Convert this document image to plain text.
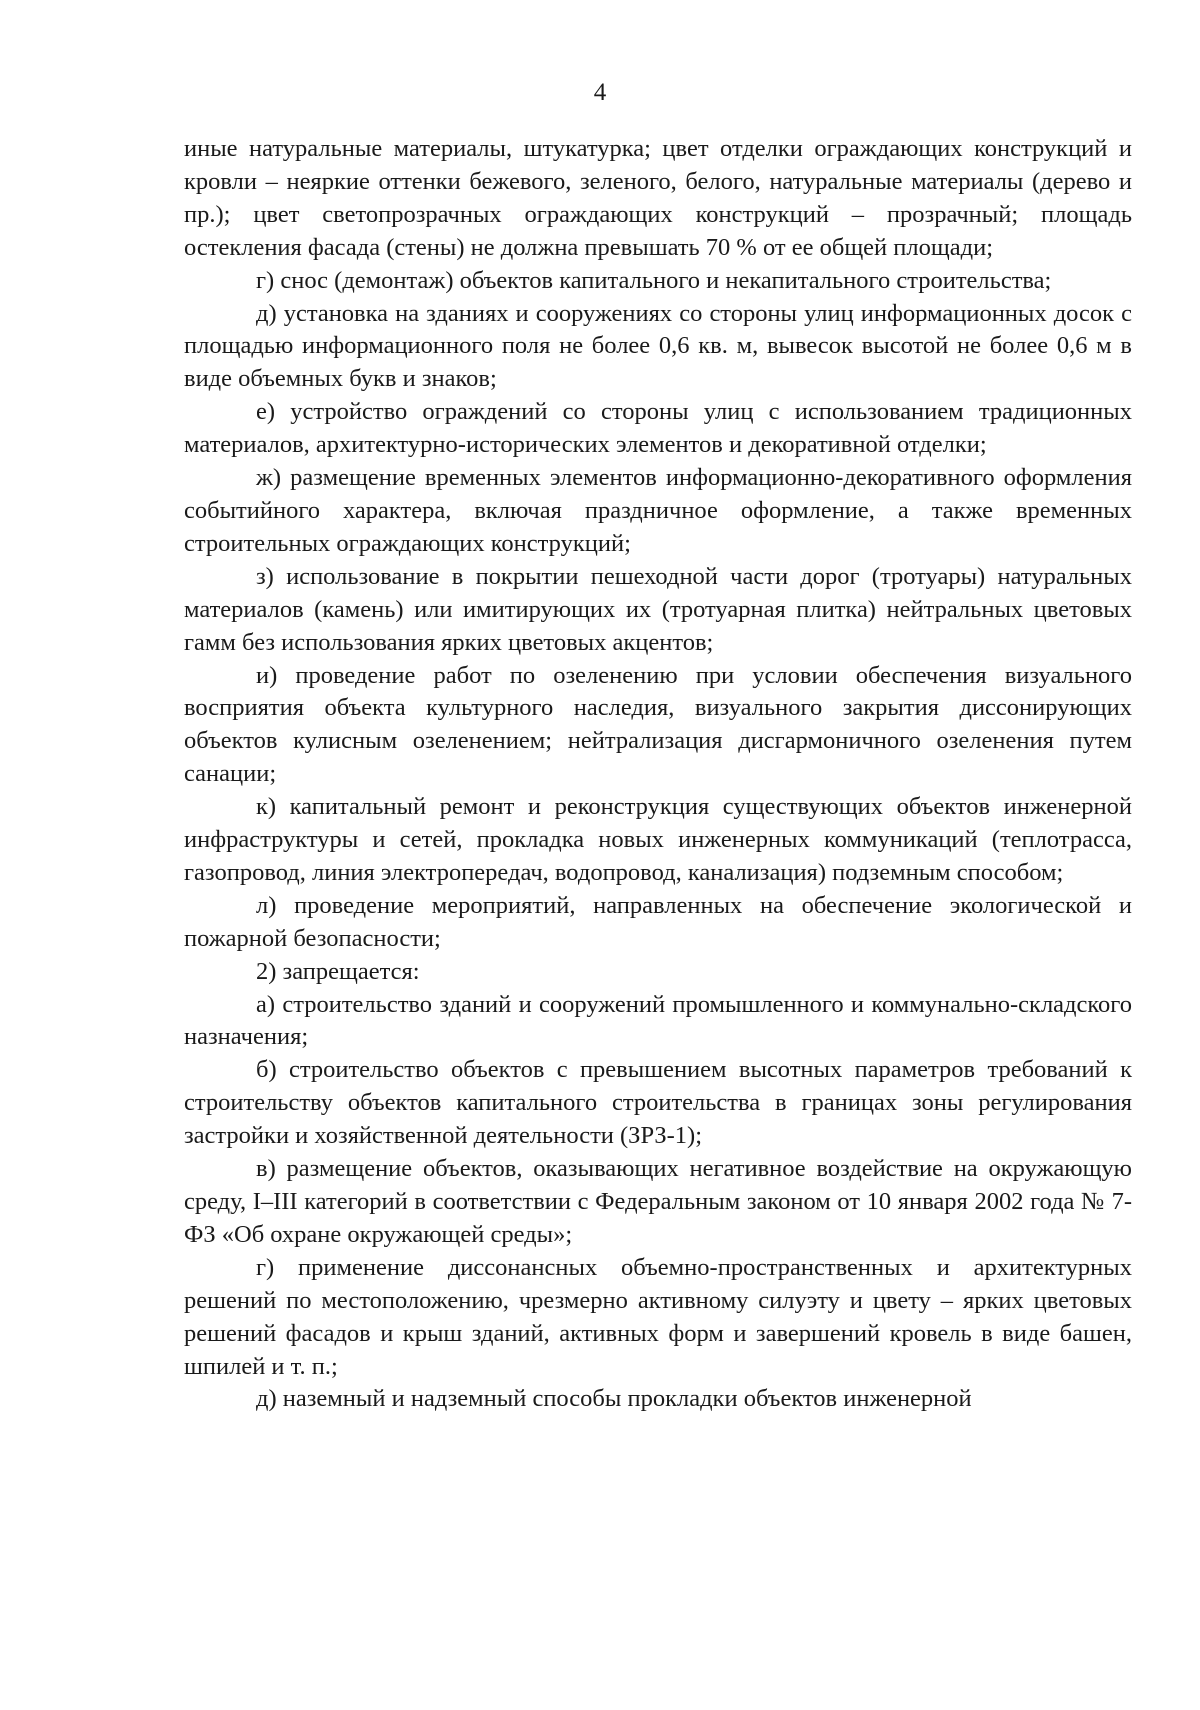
4

иные натуральные материалы, штукатурка; цвет отделки ограждающих конструкций и кровли – неяркие оттенки бежевого, зеленого, белого, натуральные материалы (дерево и пр.); цвет светопрозрачных ограждающих конструкций – прозрачный; площадь остекления фасада (стены) не должна превышать 70 % от ее общей площади;

г) снос (демонтаж) объектов капитального и некапитального строительства;

д) установка на зданиях и сооружениях со стороны улиц информационных досок с площадью информационного поля не более 0,6 кв. м, вывесок высотой не более 0,6 м в виде объемных букв и знаков;

е) устройство ограждений со стороны улиц с использованием традиционных материалов, архитектурно-исторических элементов и декоративной отделки;

ж) размещение временных элементов информационно-декоративного оформления событийного характера, включая праздничное оформление, а также временных строительных ограждающих конструкций;

з) использование в покрытии пешеходной части дорог (тротуары) натуральных материалов (камень) или имитирующих их (тротуарная плитка) нейтральных цветовых гамм без использования ярких цветовых акцентов;

и) проведение работ по озеленению при условии обеспечения визуального восприятия объекта культурного наследия, визуального закрытия диссонирующих объектов кулисным озеленением; нейтрализация дисгармоничного озеленения путем санации;

к) капитальный ремонт и реконструкция существующих объектов инженерной инфраструктуры и сетей, прокладка новых инженерных коммуникаций (теплотрасса, газопровод, линия электропередач, водопровод, канализация) подземным способом;

л) проведение мероприятий, направленных на обеспечение экологической и пожарной безопасности;

2) запрещается:

а) строительство зданий и сооружений промышленного и коммунально-складского назначения;

б) строительство объектов с превышением высотных параметров требований к строительству объектов капитального строительства в границах зоны регулирования застройки и хозяйственной деятельности (ЗРЗ-1);

в) размещение объектов, оказывающих негативное воздействие на окружающую среду, I–III категорий в соответствии с Федеральным законом от 10 января 2002 года № 7-ФЗ «Об охране окружающей среды»;

г) применение диссонансных объемно-пространственных и архитектурных решений по местоположению, чрезмерно активному силуэту и цвету – ярких цветовых решений фасадов и крыш зданий, активных форм и завершений кровель в виде башен, шпилей и т. п.;

д) наземный и надземный способы прокладки объектов инженерной
